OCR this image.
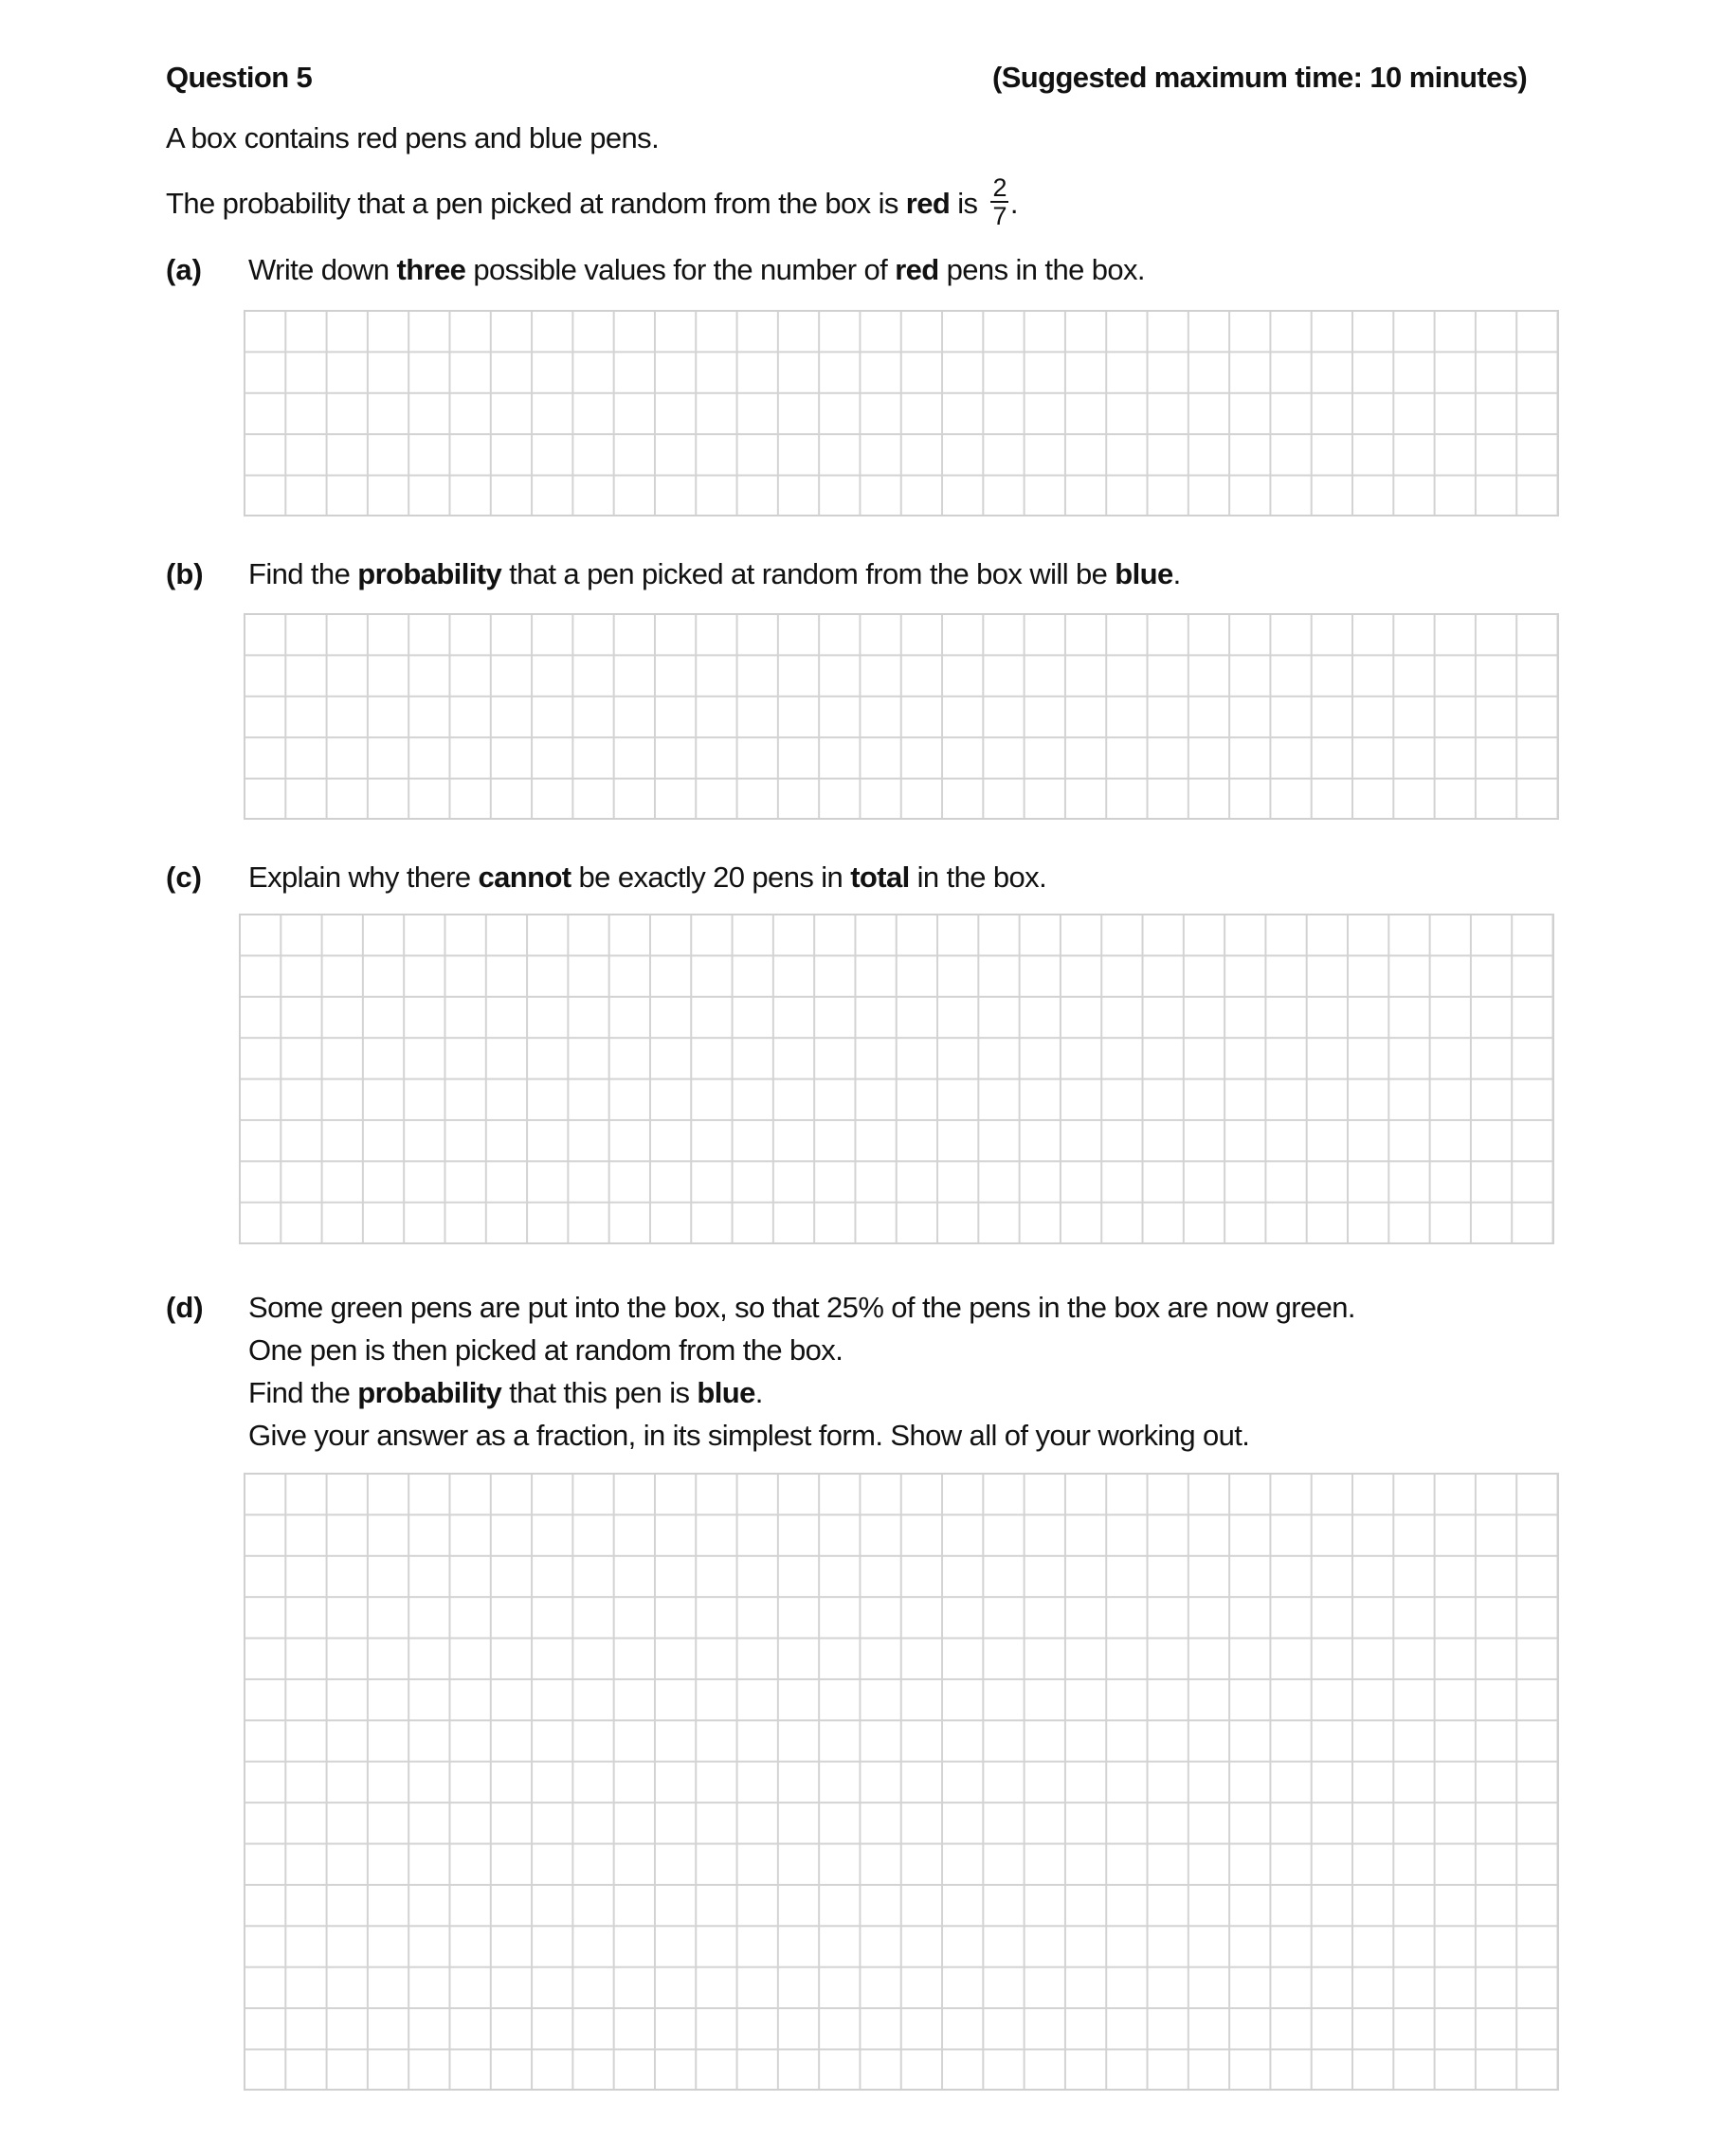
Question 5	(Suggested maximum time: 10 minutes)
A box contains red pens and blue pens.
The probability that a pen picked at random from the box is red is $\frac{2}{7}$ .
(a) Write down three possible values for the number of red pens in the box.
(b) Find the probability that a pen picked at random from the box will be blue.
(c) Explain why there cannot be exactly 20 pens in total in the box.
(d) Some green pens are put into the box, so that 25% of the pens in the box are now green.
One pen is then picked at random from the box.
Find the probability that this pen is blue.
Give your answer as a fraction, in its simplest form. Show all of your working out.
